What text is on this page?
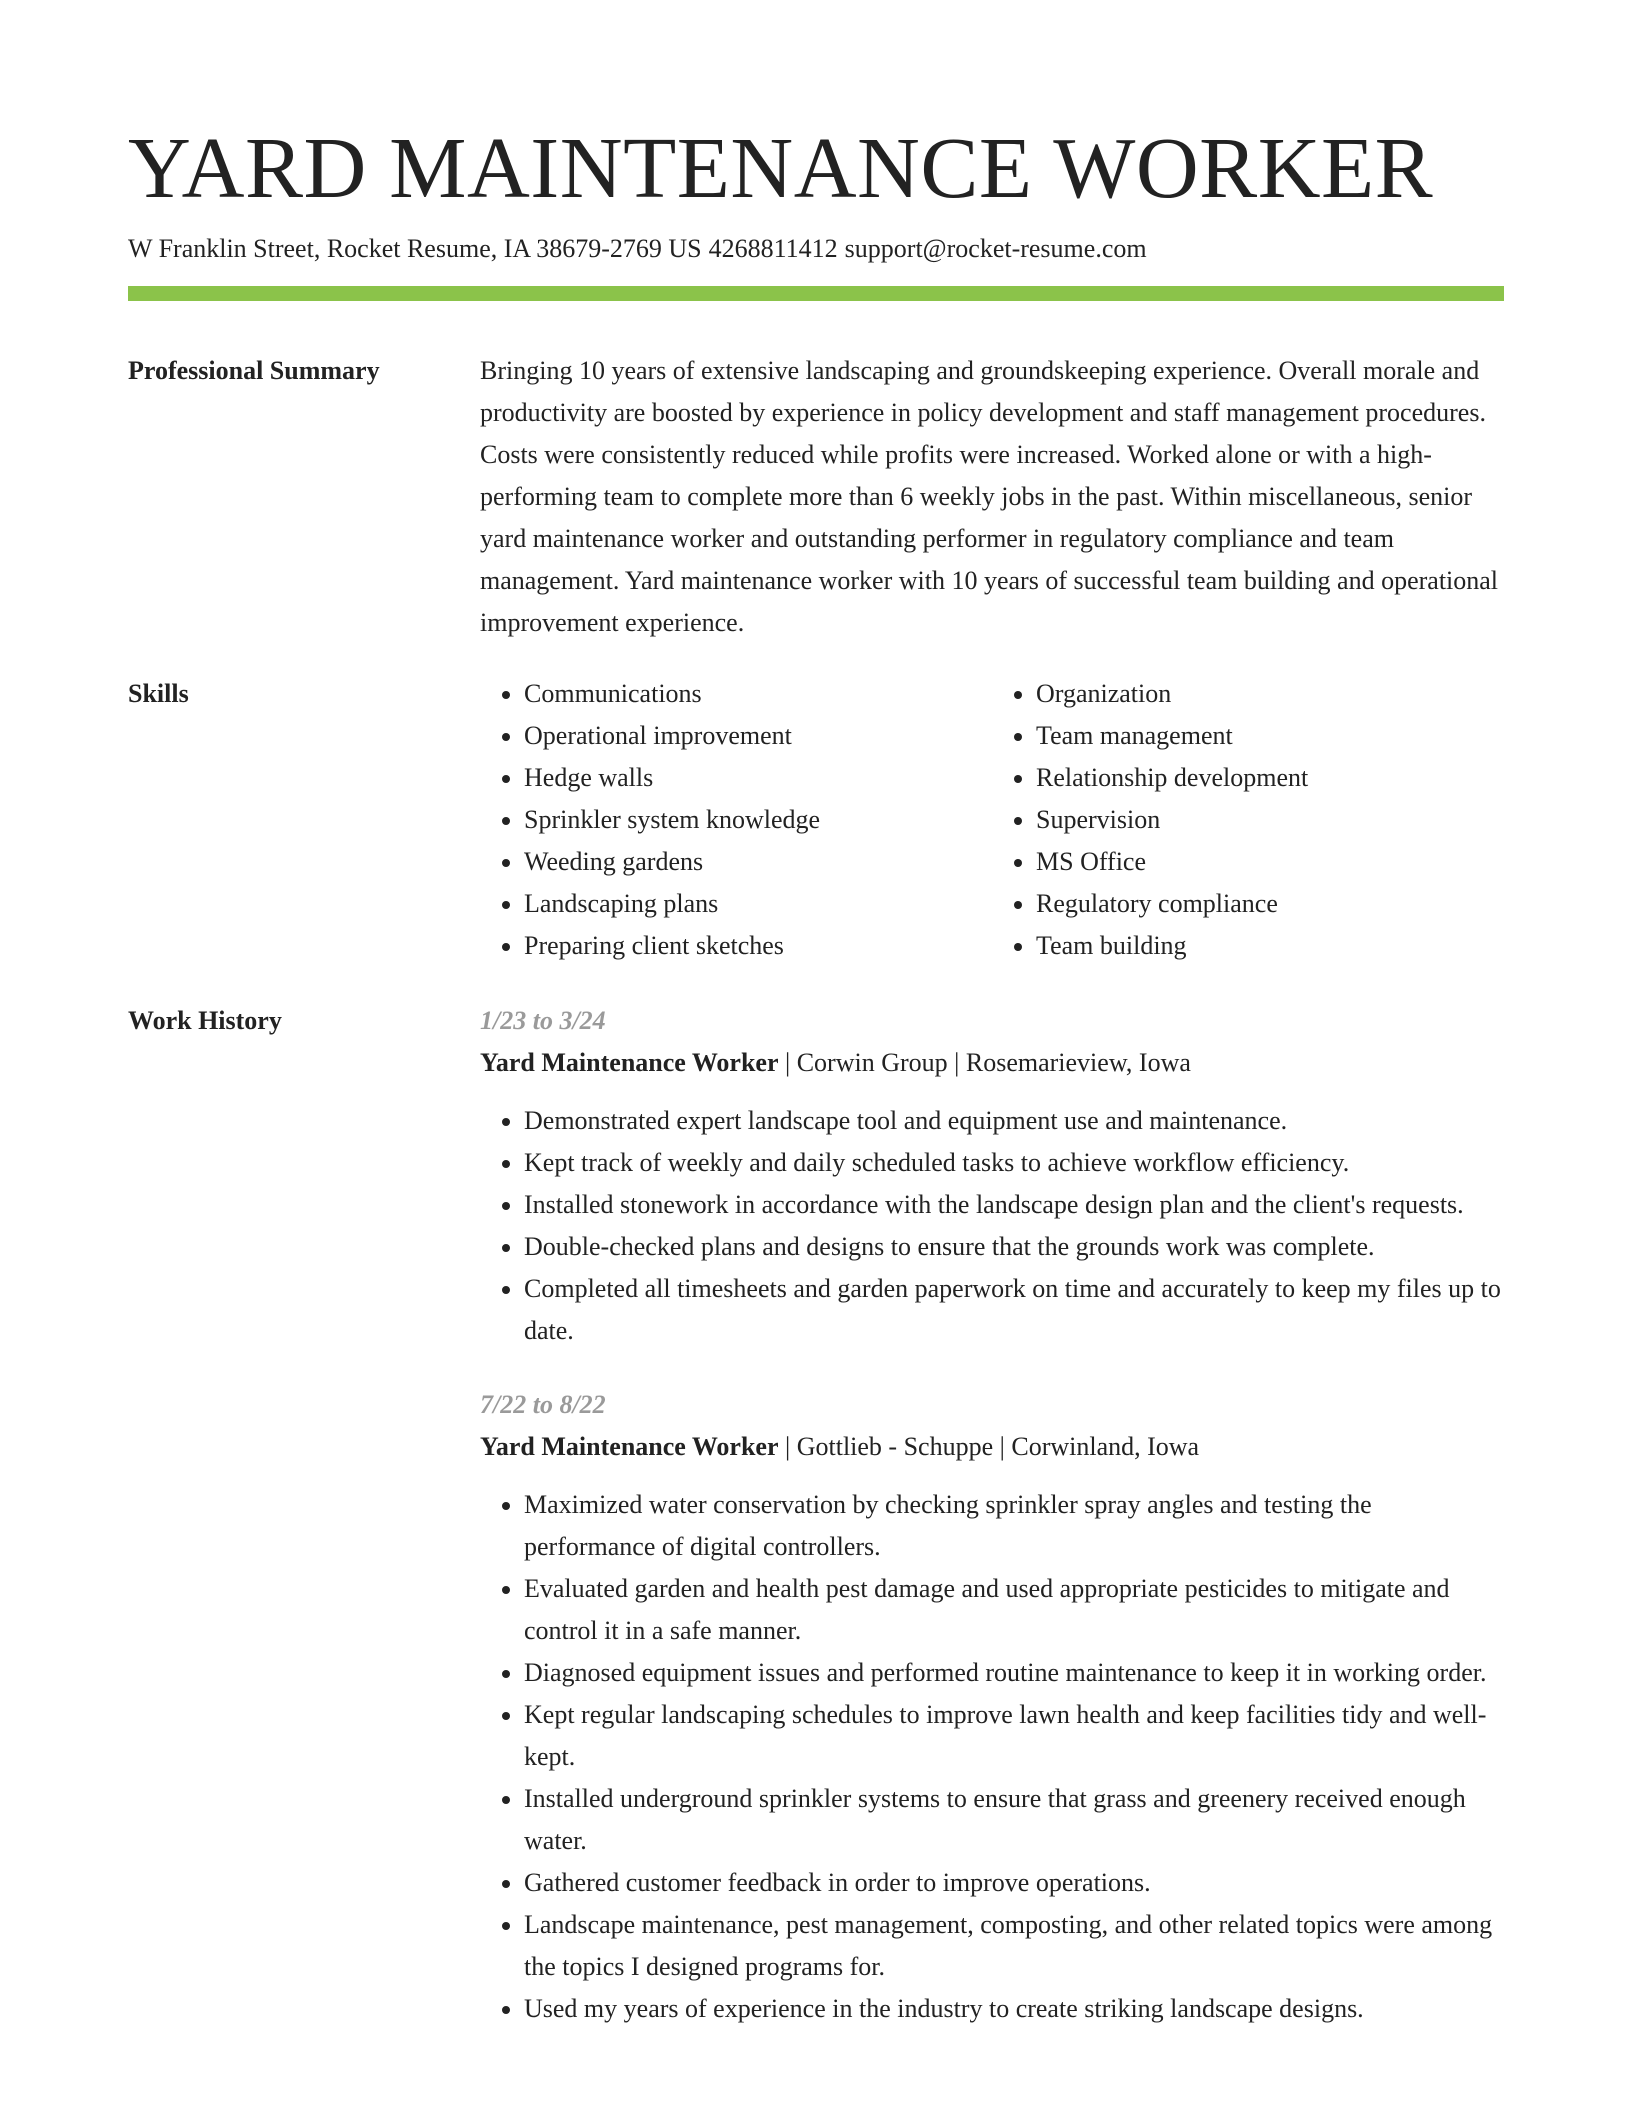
YARD MAINTENANCE WORKER
W Franklin Street, Rocket Resume, IA 38679-2769 US 4268811412 support@rocket-resume.com
Professional Summary	Bringing 10 years of extensive landscaping and groundskeeping experience. Overall morale and productivity are boosted by experience in policy development and staff management procedures. Costs were consistently reduced while profits were increased. Worked alone or with a high-performing team to complete more than 6 weekly jobs in the past. Within miscellaneous, senior yard maintenance worker and outstanding performer in regulatory compliance and team management. Yard maintenance worker with 10 years of successful team building and operational improvement experience.

Skills
•	Communications
• Operational improvement
• Hedge walls
• Sprinkler system knowledge
• Weeding gardens
• Landscaping plans
• Preparing client sketches
• Organization
• Team management
• Relationship development
• Supervision
• MS Office
• Regulatory compliance
• Team building
Work History	1/23 to 3/24
Yard Maintenance Worker | Corwin Group | Rosemarieview, Iowa
• Demonstrated expert landscape tool and equipment use and maintenance.
• Kept track of weekly and daily scheduled tasks to achieve workflow efficiency.
• Installed stonework in accordance with the landscape design plan and the client's requests.
• Double-checked plans and designs to ensure that the grounds work was complete.
• Completed all timesheets and garden paperwork on time and accurately to keep my files up to date.
7/22 to 8/22
Yard Maintenance Worker | Gottlieb - Schuppe | Corwinland, Iowa
• Maximized water conservation by checking sprinkler spray angles and testing the performance of digital controllers.
• Evaluated garden and health pest damage and used appropriate pesticides to mitigate and control it in a safe manner.
• Diagnosed equipment issues and performed routine maintenance to keep it in working order.
• Kept regular landscaping schedules to improve lawn health and keep facilities tidy and well-kept.
• Installed underground sprinkler systems to ensure that grass and greenery received enough water.
• Gathered customer feedback in order to improve operations.
• Landscape maintenance, pest management, composting, and other related topics were among the topics I designed programs for.
• Used my years of experience in the industry to create striking landscape designs.
